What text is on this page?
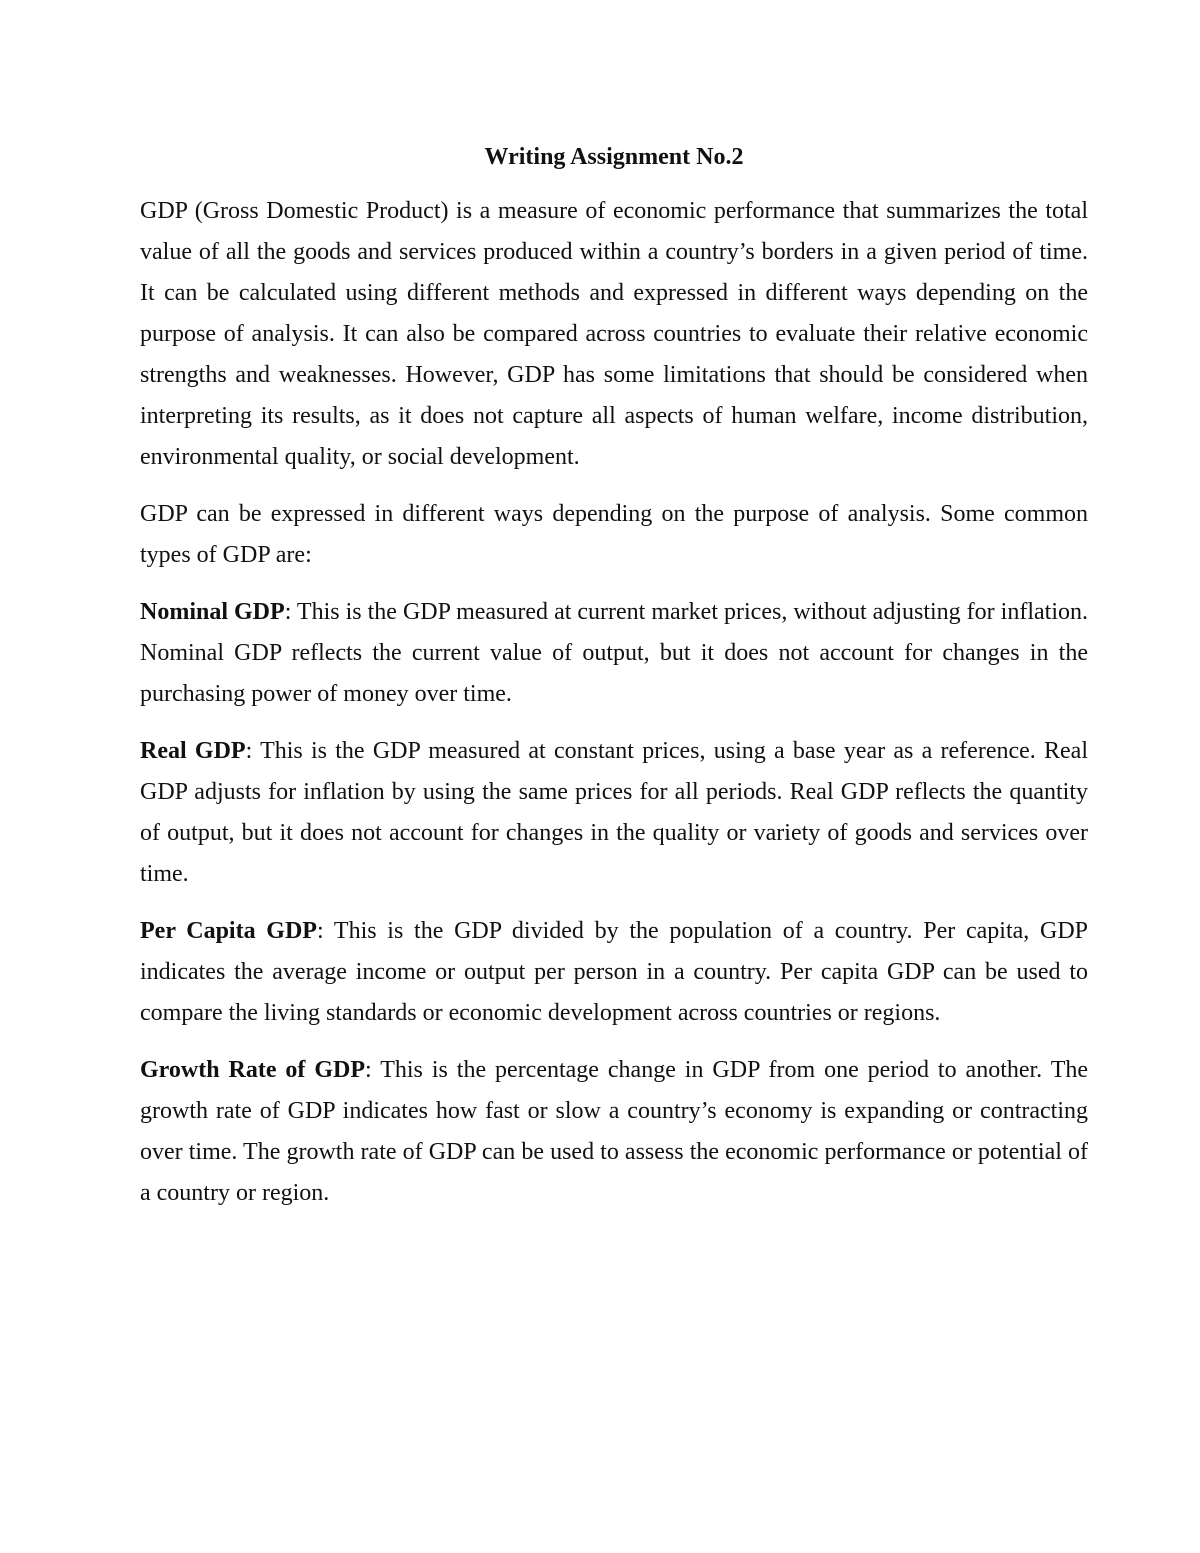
Writing Assignment No.2

GDP (Gross Domestic Product) is a measure of economic performance that summarizes the total value of all the goods and services produced within a country’s borders in a given period of time. It can be calculated using different methods and expressed in different ways depending on the purpose of analysis. It can also be compared across countries to evaluate their relative economic strengths and weaknesses. However, GDP has some limitations that should be considered when interpreting its results, as it does not capture all aspects of human welfare, income distribution, environmental quality, or social development.

GDP can be expressed in different ways depending on the purpose of analysis. Some common types of GDP are:

Nominal GDP: This is the GDP measured at current market prices, without adjusting for inflation. Nominal GDP reflects the current value of output, but it does not account for changes in the purchasing power of money over time.

Real GDP: This is the GDP measured at constant prices, using a base year as a reference. Real GDP adjusts for inflation by using the same prices for all periods. Real GDP reflects the quantity of output, but it does not account for changes in the quality or variety of goods and services over time.

Per Capita GDP: This is the GDP divided by the population of a country. Per capita, GDP indicates the average income or output per person in a country. Per capita GDP can be used to compare the living standards or economic development across countries or regions.

Growth Rate of GDP: This is the percentage change in GDP from one period to another. The growth rate of GDP indicates how fast or slow a country’s economy is expanding or contracting over time. The growth rate of GDP can be used to assess the economic performance or potential of a country or region.
